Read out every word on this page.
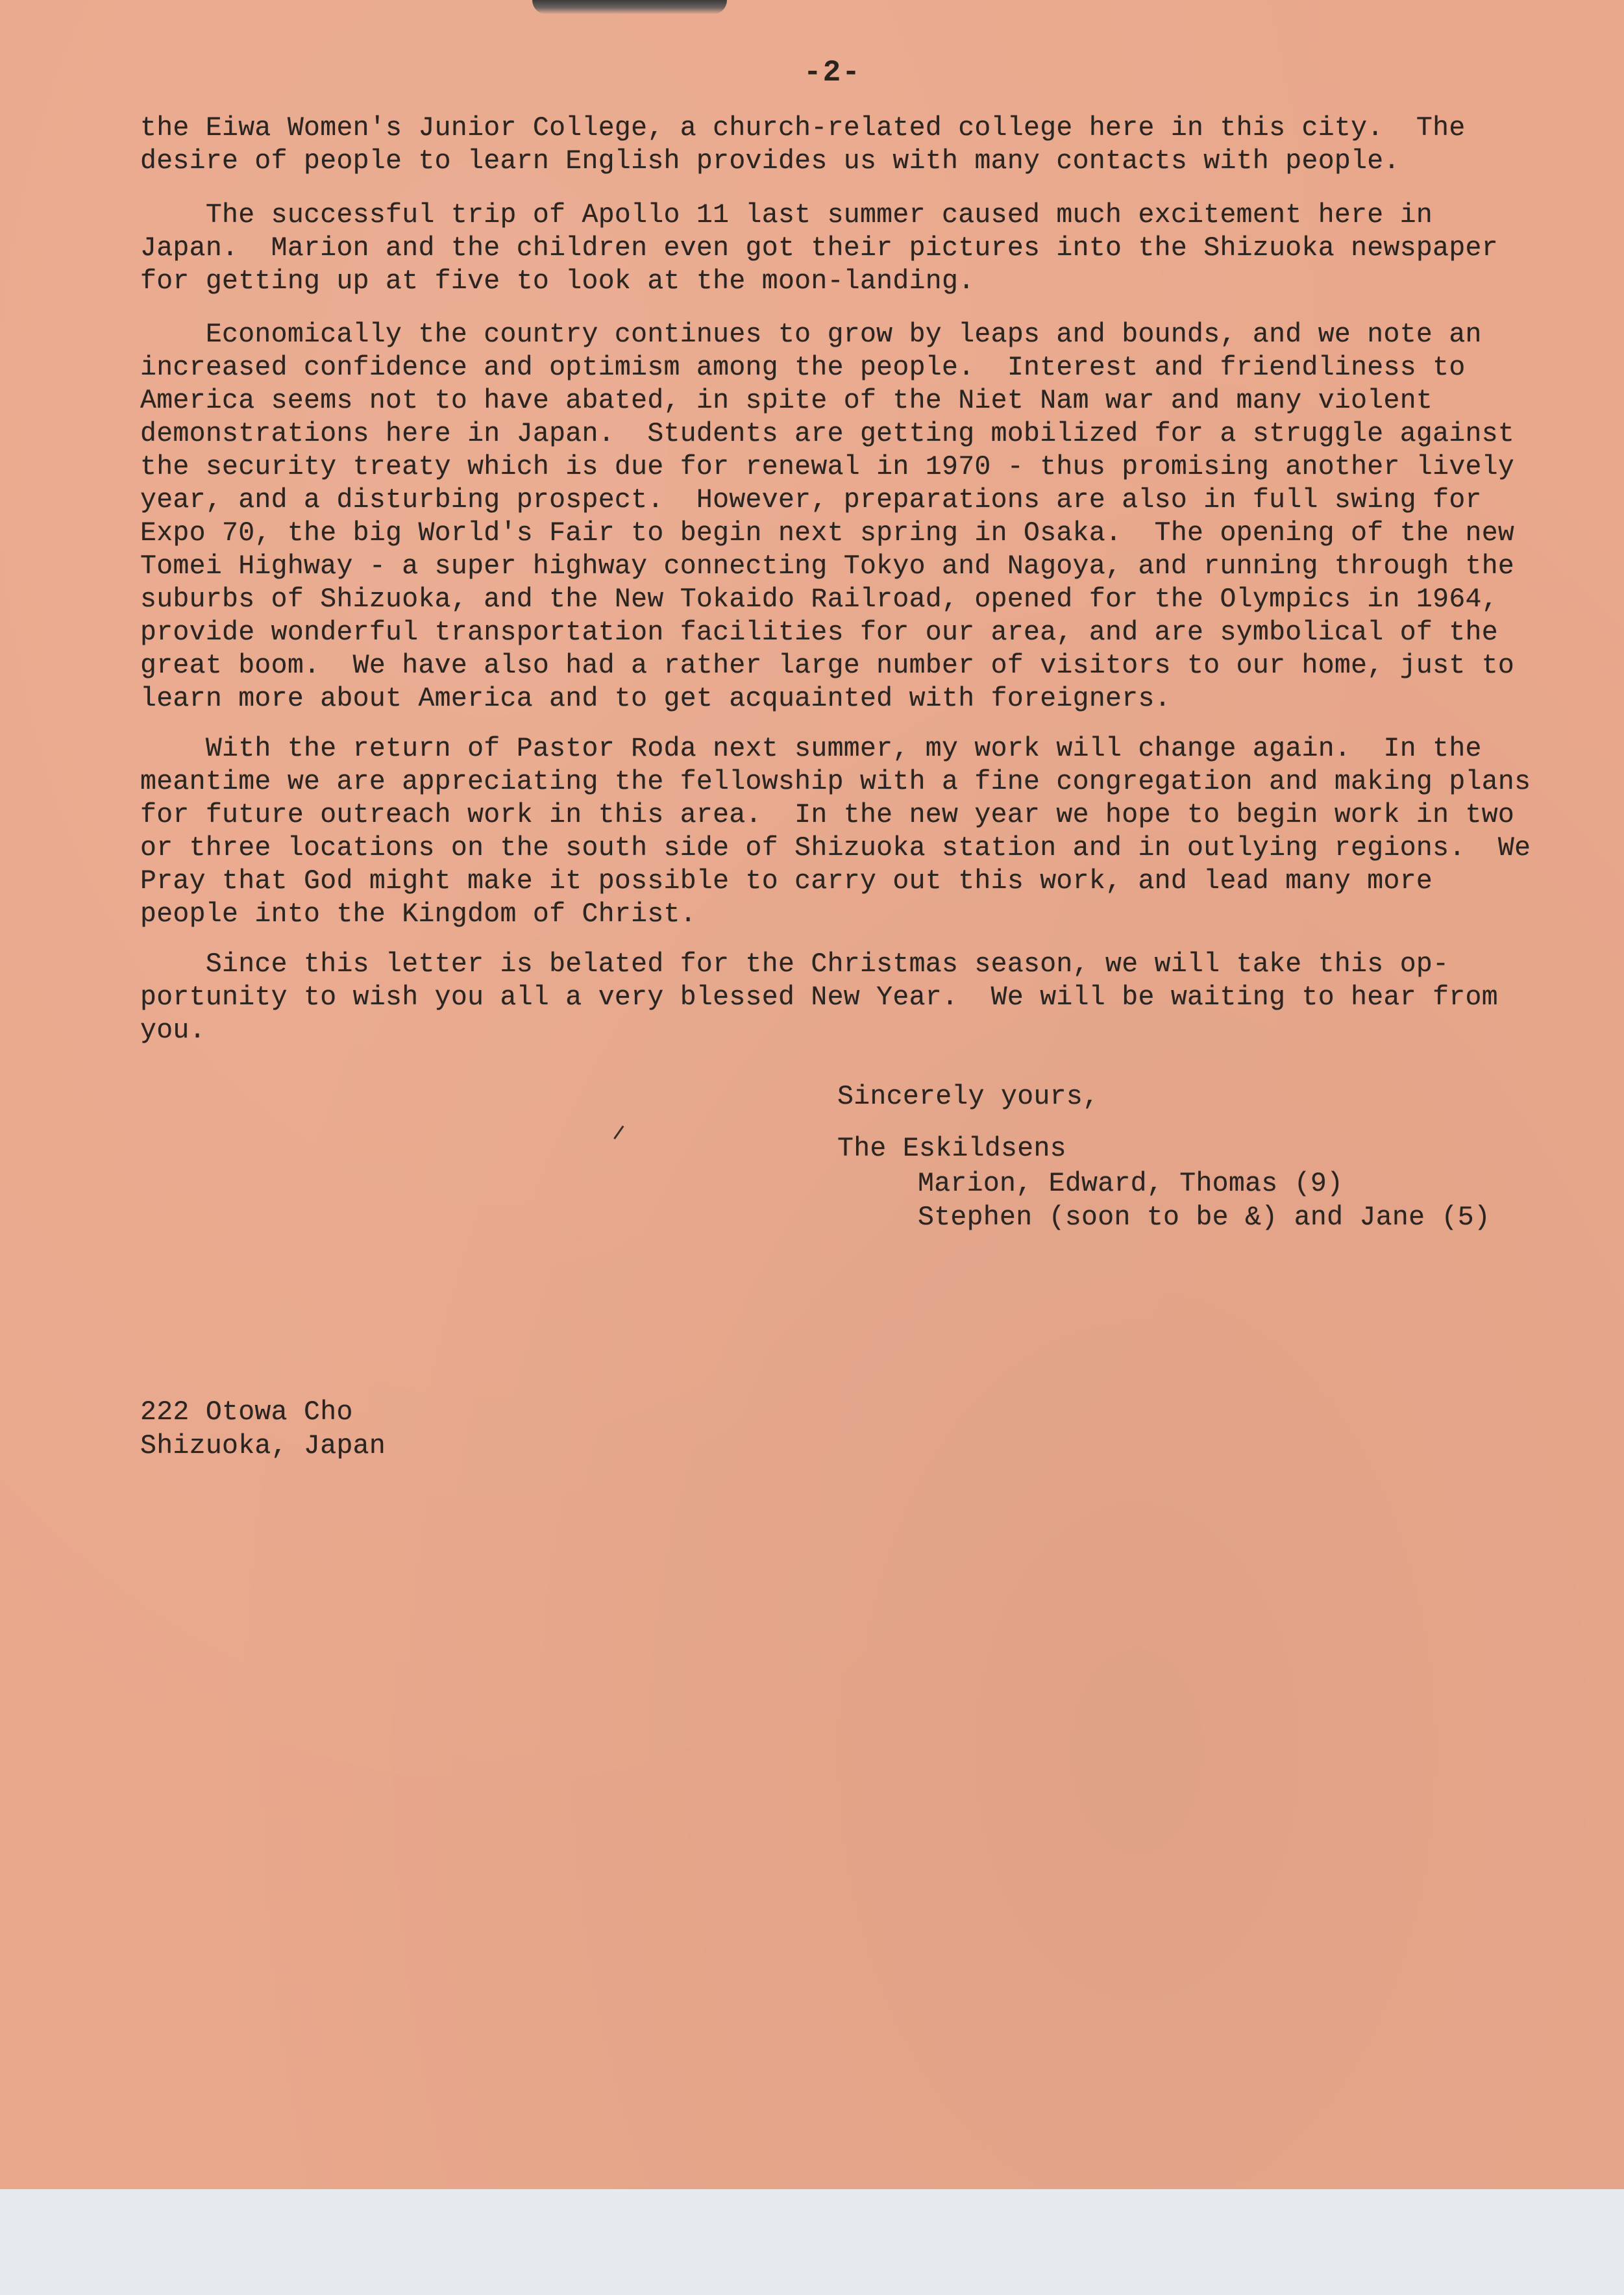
-2-

the Eiwa Women's Junior College, a church-related college here in this city.  The
desire of people to learn English provides us with many contacts with people.

The successful trip of Apollo 11 last summer caused much excitement here in
Japan.  Marion and the children even got their pictures into the Shizuoka newspaper
for getting up at five to look at the moon-landing.

Economically the country continues to grow by leaps and bounds, and we note an
increased confidence and optimism among the people.  Interest and friendliness to
America seems not to have abated, in spite of the Niet Nam war and many violent
demonstrations here in Japan.  Students are getting mobilized for a struggle against
the security treaty which is due for renewal in 1970 - thus promising another lively
year, and a disturbing prospect.  However, preparations are also in full swing for
Expo 70, the big World's Fair to begin next spring in Osaka.  The opening of the new
Tomei Highway - a super highway connecting Tokyo and Nagoya, and running through the
suburbs of Shizuoka, and the New Tokaido Railroad, opened for the Olympics in 1964,
provide wonderful transportation facilities for our area, and are symbolical of the
great boom.  We have also had a rather large number of visitors to our home, just to
learn more about America and to get acquainted with foreigners.

With the return of Pastor Roda next summer, my work will change again.  In the
meantime we are appreciating the fellowship with a fine congregation and making plans
for future outreach work in this area.  In the new year we hope to begin work in two
or three locations on the south side of Shizuoka station and in outlying regions.  We
Pray that God might make it possible to carry out this work, and lead many more
people into the Kingdom of Christ.

Since this letter is belated for the Christmas season, we will take this op-
portunity to wish you all a very blessed New Year.  We will be waiting to hear from
you.

Sincerely yours,
The Eskildsens
Marion, Edward, Thomas (9)
Stephen (soon to be &) and Jane (5)
222 Otowa Cho
Shizuoka, Japan
